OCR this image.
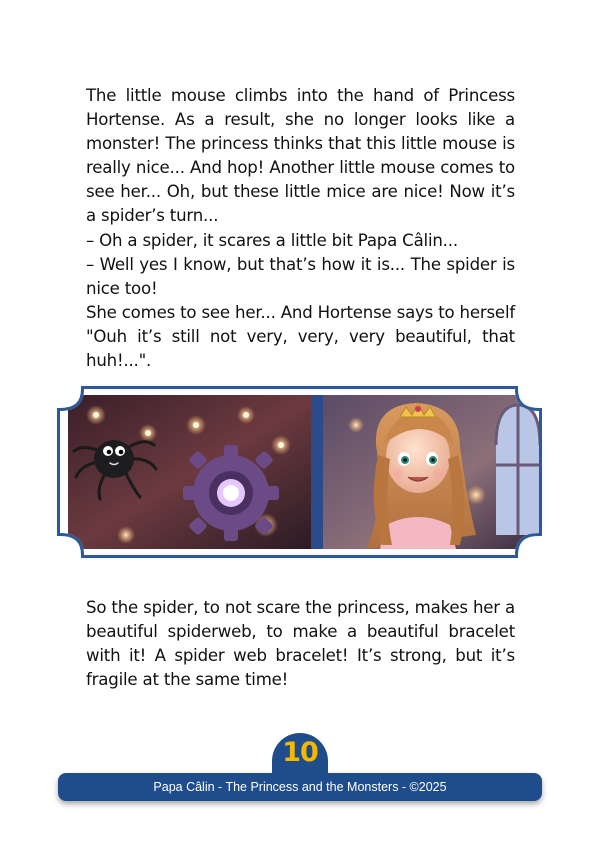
The little mouse climbs into the hand of Princess Hortense. As a result, she no longer looks like a monster! The princess thinks that this little mouse is really nice... And hop! Another little mouse comes to see her... Oh, but these little mice are nice! Now it’s a spider’s turn...

– Oh a spider, it scares a little bit Papa Câlin...

– Well yes I know, but that’s how it is... The spider is nice too!

She comes to see her... And Hortense says to herself "Ouh it’s still not very, very, very beautiful, that huh!...".

So the spider, to not scare the princess, makes her a beautiful spiderweb, to make a beautiful bracelet with it! A spider web bracelet! It’s strong, but it’s fragile at the same time!

10
Papa Câlin - The Princess and the Monsters - ©2025
